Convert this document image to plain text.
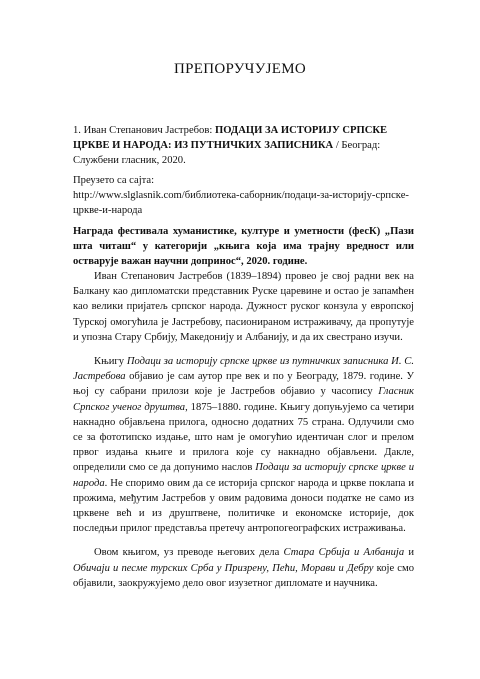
ПРЕПОРУЧУЈЕМО
1. Иван Степанович Јастребов: ПОДАЦИ ЗА ИСТОРИЈУ СРПСКЕ ЦРКВЕ И НАРОДА: ИЗ ПУТНИЧКИХ ЗАПИСНИКА / Београд: Службени гласник, 2020.
Преузето са сајта:
http://www.slglasnik.com/библиотека-саборник/подаци-за-историју-српске-
цркве-и-народа
Награда фестивала хуманистике, културе и уметности (фесК) „Пази шта читаш“ у категорији „књига која има трајну вредност или остварује важан научни допринос“, 2020. године.

Иван Степанович Јастребов (1839–1894) провео је свој радни век на Балкану као дипломатски представник Руске царевине и остао је запамћен као велики пријатељ српског народа. Дужност руског конзула у европској Турској омогућила је Јастребову, пасионираном истраживачу, да пропутује и упозна Стару Србију, Македонију и Албанију, и да их свестрано изучи.

Књигу Подаци за историју српске цркве из путничких записника И. С. Јастребова објавио је сам аутор пре век и по у Београду, 1879. године. У њој су сабрани прилози које је Јастребов објавио у часопису Гласник Српског ученог друштва, 1875–1880. године. Књигу допуњујемо са четири накнадно објављена прилога, односно додатних 75 страна. Одлучили смо се за фототипско издање, што нам је омогућио идентичан слог и прелом првог издања књиге и прилога које су накнадно објављени. Дакле, определили смо се да допунимо наслов Подаци за историју српске цркве и народа. Не споримо овим да се историја српског народа и цркве поклапа и прожима, међутим Јастребов у овим радовима доноси податке не само из црквене већ и из друштвене, политичке и економске историје, док последњи прилог представља претечу антропогеографских истраживања.

Овом књигом, уз преводе његових дела Стара Србија и Албанија и Обичаји и песме турских Срба у Призрену, Пећи, Морави и Дебру које смо објавили, заокружујемо дело овог изузетног дипломате и научника.
